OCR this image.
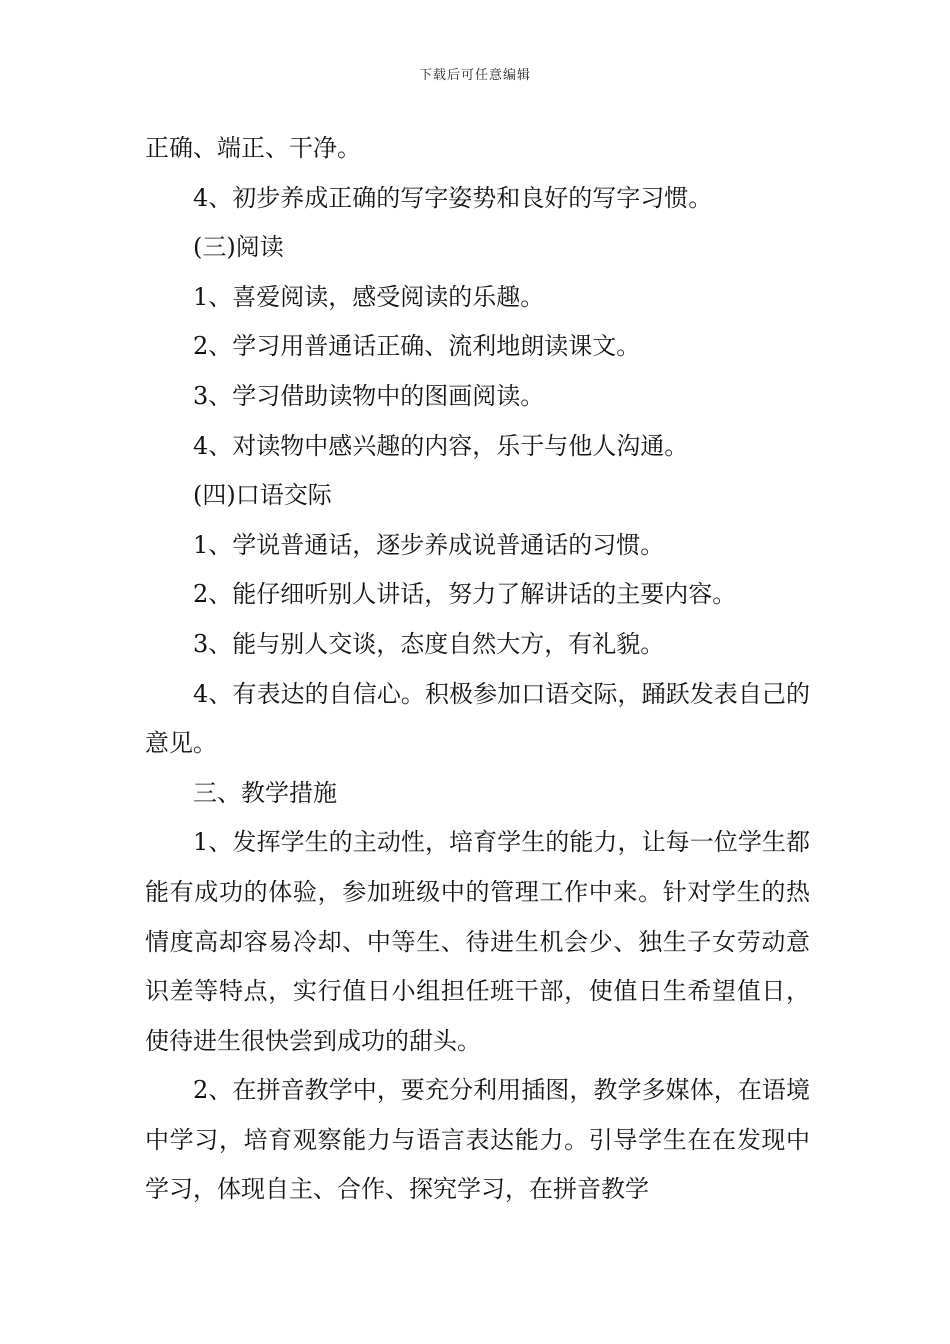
下载后可任意编辑

正确、端正、干净。

4、初步养成正确的写字姿势和良好的写字习惯。

(三)阅读

1、喜爱阅读，感受阅读的乐趣。

2、学习用普通话正确、流利地朗读课文。

3、学习借助读物中的图画阅读。

4、对读物中感兴趣的内容，乐于与他人沟通。

(四)口语交际

1、学说普通话，逐步养成说普通话的习惯。

2、能仔细听别人讲话，努力了解讲话的主要内容。

3、能与别人交谈，态度自然大方，有礼貌。

4、有表达的自信心。积极参加口语交际，踊跃发表自己的意见。

三、教学措施

1、发挥学生的主动性，培育学生的能力，让每一位学生都能有成功的体验，参加班级中的管理工作中来。针对学生的热情度高却容易冷却、中等生、待进生机会少、独生子女劳动意识差等特点，实行值日小组担任班干部，使值日生希望值日，使待进生很快尝到成功的甜头。

2、在拼音教学中，要充分利用插图，教学多媒体，在语境中学习，培育观察能力与语言表达能力。引导学生在在发现中学习，体现自主、合作、探究学习，在拼音教学
